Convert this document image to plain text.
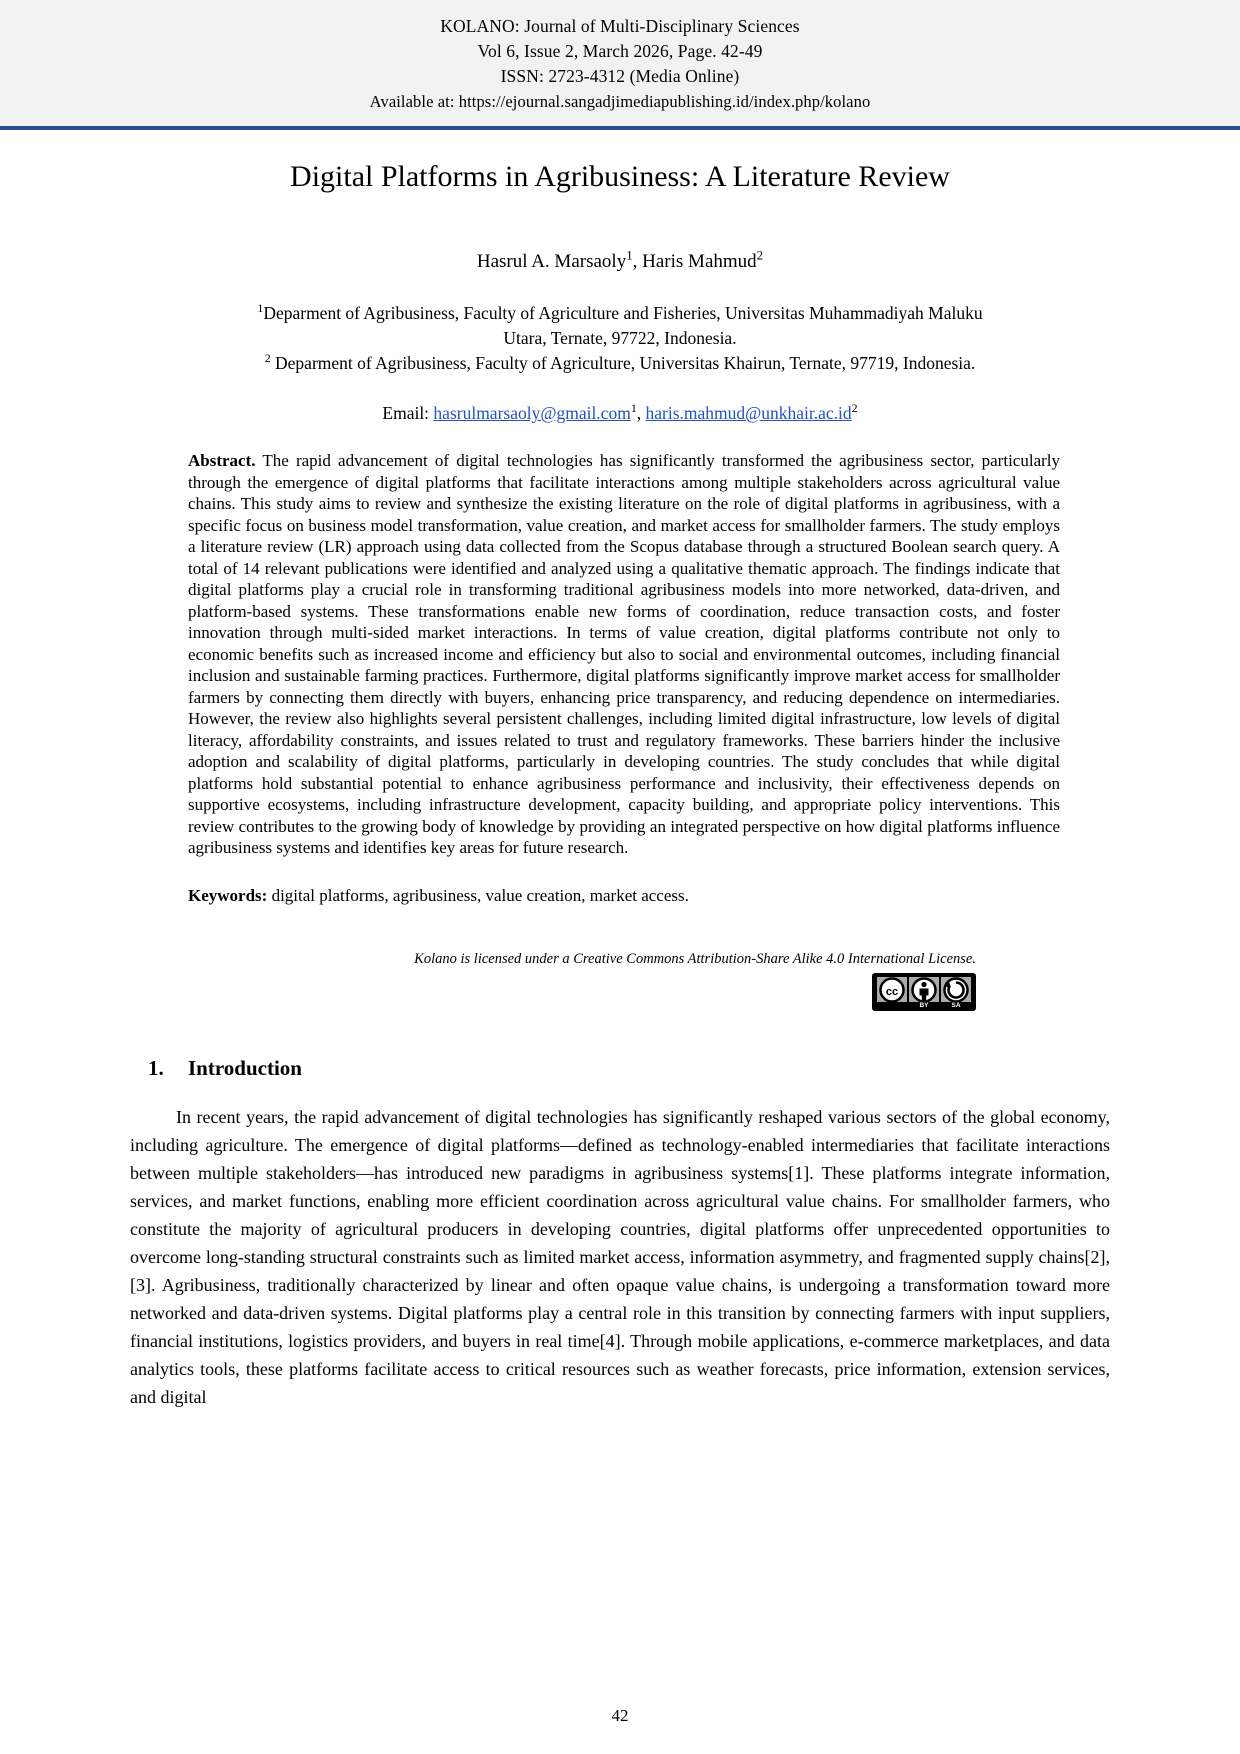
KOLANO: Journal of Multi-Disciplinary Sciences
Vol 6, Issue 2, March 2026, Page. 42-49
ISSN: 2723-4312 (Media Online)
Available at: https://ejournal.sangadjimediapublishing.id/index.php/kolano
Digital Platforms in Agribusiness: A Literature Review
Hasrul A. Marsaoly$^1$, Haris Mahmud$^2$
$^1$Deparment of Agribusiness, Faculty of Agriculture and Fisheries, Universitas Muhammadiyah Maluku
Utara, Ternate, 97722, Indonesia.
$^2$ Deparment of Agribusiness, Faculty of Agriculture, Universitas Khairun, Ternate, 97719, Indonesia.
Email: hasrulmarsaoly@gmail.com$^1$, $haris.mahmud@unkhair.ac.id^2$
Abstract. The rapid advancement of digital technologies has significantly transformed the agribusiness sector, particularly through the emergence of digital platforms that facilitate interactions among multiple stakeholders across agricultural value chains. This study aims to review and synthesize the existing literature on the role of digital platforms in agribusiness, with a specific focus on business model transformation, value creation, and market access for smallholder farmers. The study employs a literature review (LR) approach using data collected from the Scopus database through a structured Boolean search query. A total of 14 relevant publications were identified and analyzed using a qualitative thematic approach. The findings indicate that digital platforms play a crucial role in transforming traditional agribusiness models into more networked, data-driven, and platform-based systems. These transformations enable new forms of coordination, reduce transaction costs, and foster innovation through multi-sided market interactions. In terms of value creation, digital platforms contribute not only to economic benefits such as increased income and efficiency but also to social and environmental outcomes, including financial inclusion and sustainable farming practices. Furthermore, digital platforms significantly improve market access for smallholder farmers by connecting them directly with buyers, enhancing price transparency, and reducing dependence on intermediaries. However, the review also highlights several persistent challenges, including limited digital infrastructure, low levels of digital literacy, affordability constraints, and issues related to trust and regulatory frameworks. These barriers hinder the inclusive adoption and scalability of digital platforms, particularly in developing countries. The study concludes that while digital platforms hold substantial potential to enhance agribusiness performance and inclusivity, their effectiveness depends on supportive ecosystems, including infrastructure development, capacity building, and appropriate policy interventions. This review contributes to the growing body of knowledge by providing an integrated perspective on how digital platforms influence agribusiness systems and identifies key areas for future research.
Keywords: digital platforms, agribusiness, value creation, market access.
Kolano is licensed under a Creative Commons Attribution-Share Alike 4.0 International License.
cc
BY	SA
1. Introduction
In recent years, the rapid advancement of digital technologies has significantly reshaped various sectors of the global economy, including agriculture. The emergence of digital platforms—defined as technology-enabled intermediaries that facilitate interactions between multiple stakeholders—has introduced new paradigms in agribusiness systems[1]. These platforms integrate information, services, and market functions, enabling more efficient coordination across agricultural value chains. For smallholder farmers, who constitute the majority of agricultural producers in developing countries, digital platforms offer unprecedented opportunities to overcome long-standing structural constraints such as limited market access, information asymmetry, and fragmented supply chains[2], [3]. Agribusiness, traditionally characterized by linear and often opaque value chains, is undergoing a transformation toward more networked and data-driven systems. Digital platforms play a central role in this transition by connecting farmers with input suppliers, financial institutions, logistics providers, and buyers in real time[4]. Through mobile applications, e-commerce marketplaces, and data analytics tools, these platforms facilitate access to critical resources such as weather forecasts, price information, extension services, and digital
42
